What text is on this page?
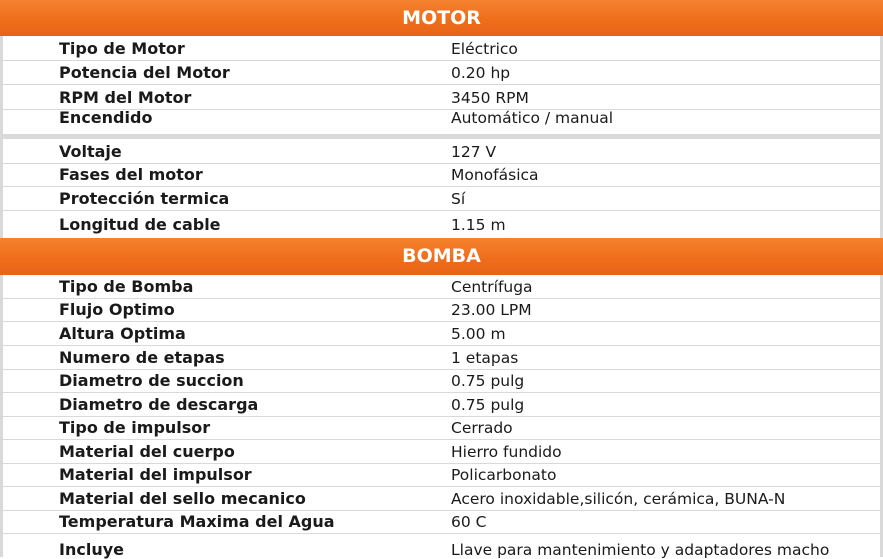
MOTOR
Tipo de Motor	Eléctrico
Potencia del Motor	0.20 hp
RPM del Motor	3450 RPM
Encendido	Automático / manual
Voltaje	127 V
Fases del motor	Monofásica
Protección termica	Sí
Longitud de cable	1.15 m
BOMBA
Tipo de Bomba	Centrífuga
Flujo Optimo	23.00 LPM
Altura Optima	5.00 m
Numero de etapas	1 etapas
Diametro de succion	0.75 pulg
Diametro de descarga	0.75 pulg
Tipo de impulsor	Cerrado
Material del cuerpo	Hierro fundido
Material del impulsor	Policarbonato
Material del sello mecanico	Acero inoxidable,silicón, cerámica, BUNA-N
Temperatura Maxima del Agua	60 C
Incluye	Llave para mantenimiento y adaptadores macho
